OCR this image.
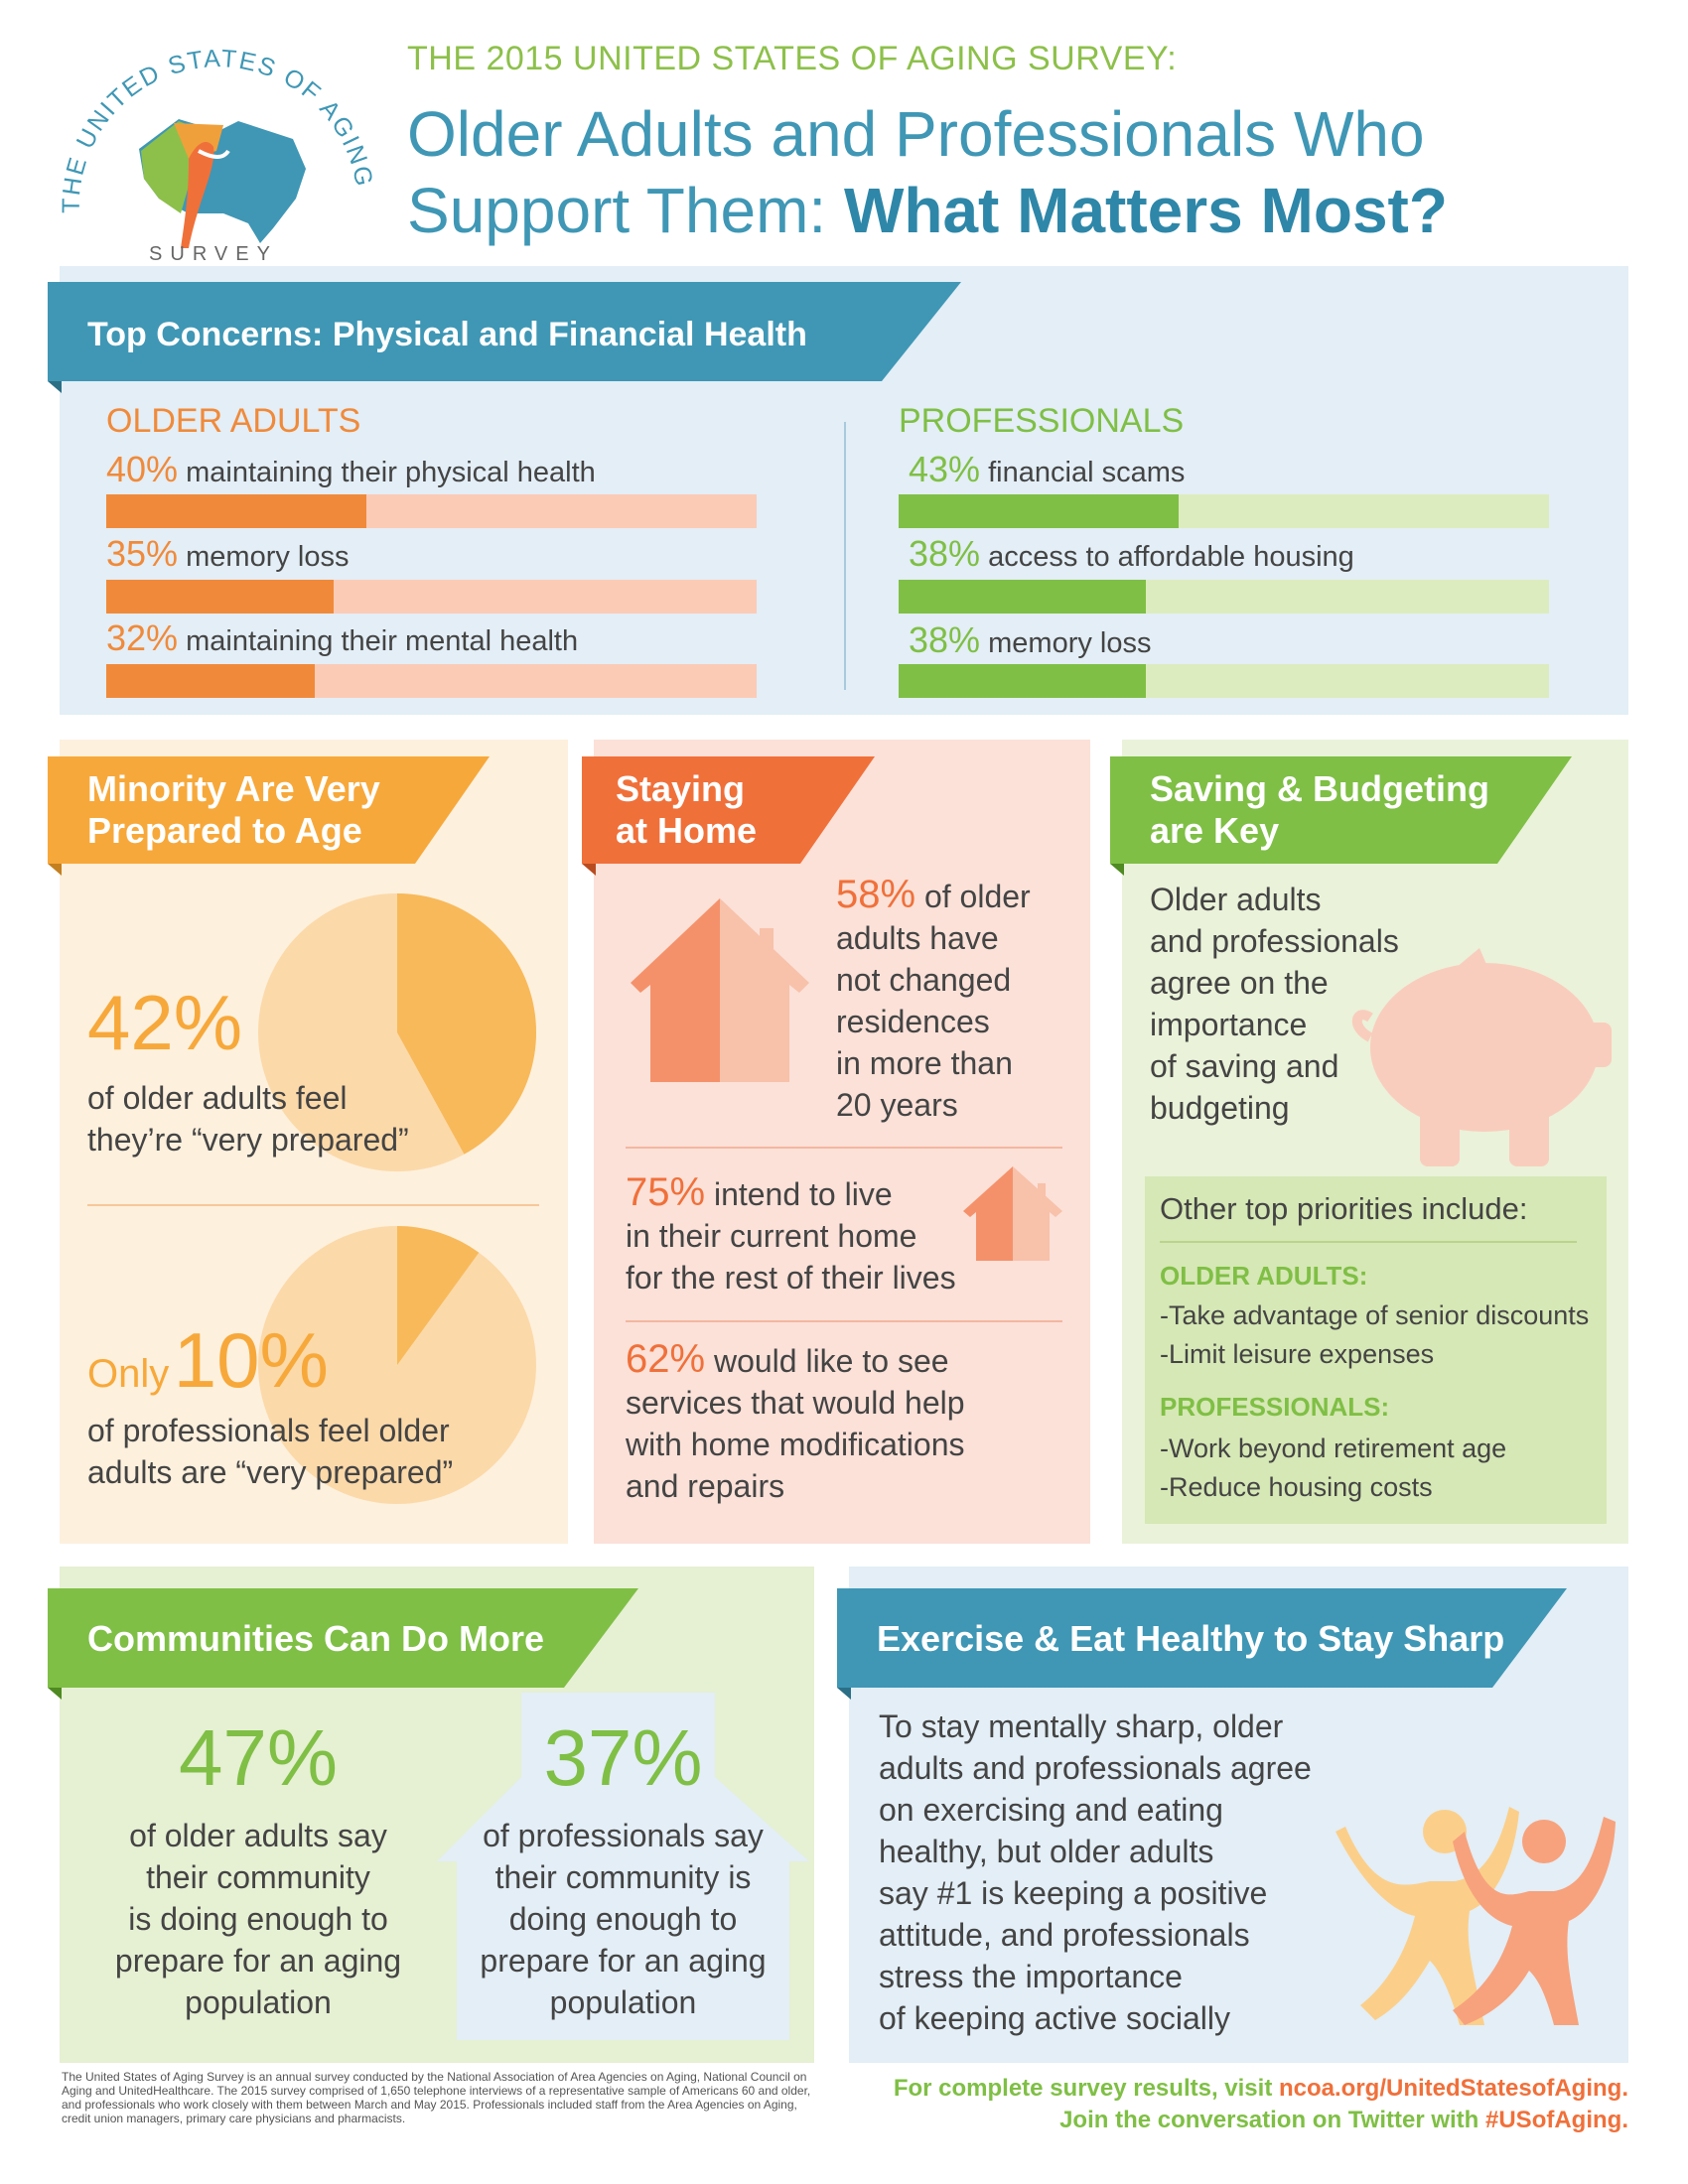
THE UNITED STATES OF AGING
SURVEY
THE 2015 UNITED STATES OF AGING SURVEY:
Older Adults and Professionals Who
Support Them: What Matters Most?
Top Concerns: Physical and Financial Health
OLDER ADULTS	PROFESSIONALS
40% maintaining their physical health
35% memory loss
32% maintaining their mental health
43% financial scams
38% access to affordable housing
38% memory loss
Minority Are Very
Prepared to Age
42%
of older adults feel
they’re “very prepared”
Only 10%
of professionals feel older
adults are “very prepared”
Staying
at Home
58% of older
adults have
not changed
residences
in more than
20 years
75% intend to live
in their current home
for the rest of their lives
62% would like to see
services that would help
with home modifications
and repairs
Saving & Budgeting
are Key
Older adults
and professionals
agree on the
importance
of saving and
budgeting
Other top priorities include:
OLDER ADULTS:
-Take advantage of senior discounts
-Limit leisure expenses
PROFESSIONALS:
-Work beyond retirement age
-Reduce housing costs
Communities Can Do More
47%
of older adults say
their community
is doing enough to
prepare for an aging
population
37%
of professionals say
their community is
doing enough to
prepare for an aging
population
Exercise & Eat Healthy to Stay Sharp
To stay mentally sharp, older
adults and professionals agree
on exercising and eating
healthy, but older adults
say #1 is keeping a positive
attitude, and professionals
stress the importance
of keeping active socially
The United States of Aging Survey is an annual survey conducted by the National Association of Area Agencies on Aging, National Council on Aging and UnitedHealthcare. The 2015 survey comprised of 1,650 telephone interviews of a representative sample of Americans 60 and older, and professionals who work closely with them between March and May 2015. Professionals included staff from the Area Agencies on Aging, credit union managers, primary care physicians and pharmacists.
For complete survey results, visit ncoa.org/UnitedStatesofAging.
Join the conversation on Twitter with #USofAging.
